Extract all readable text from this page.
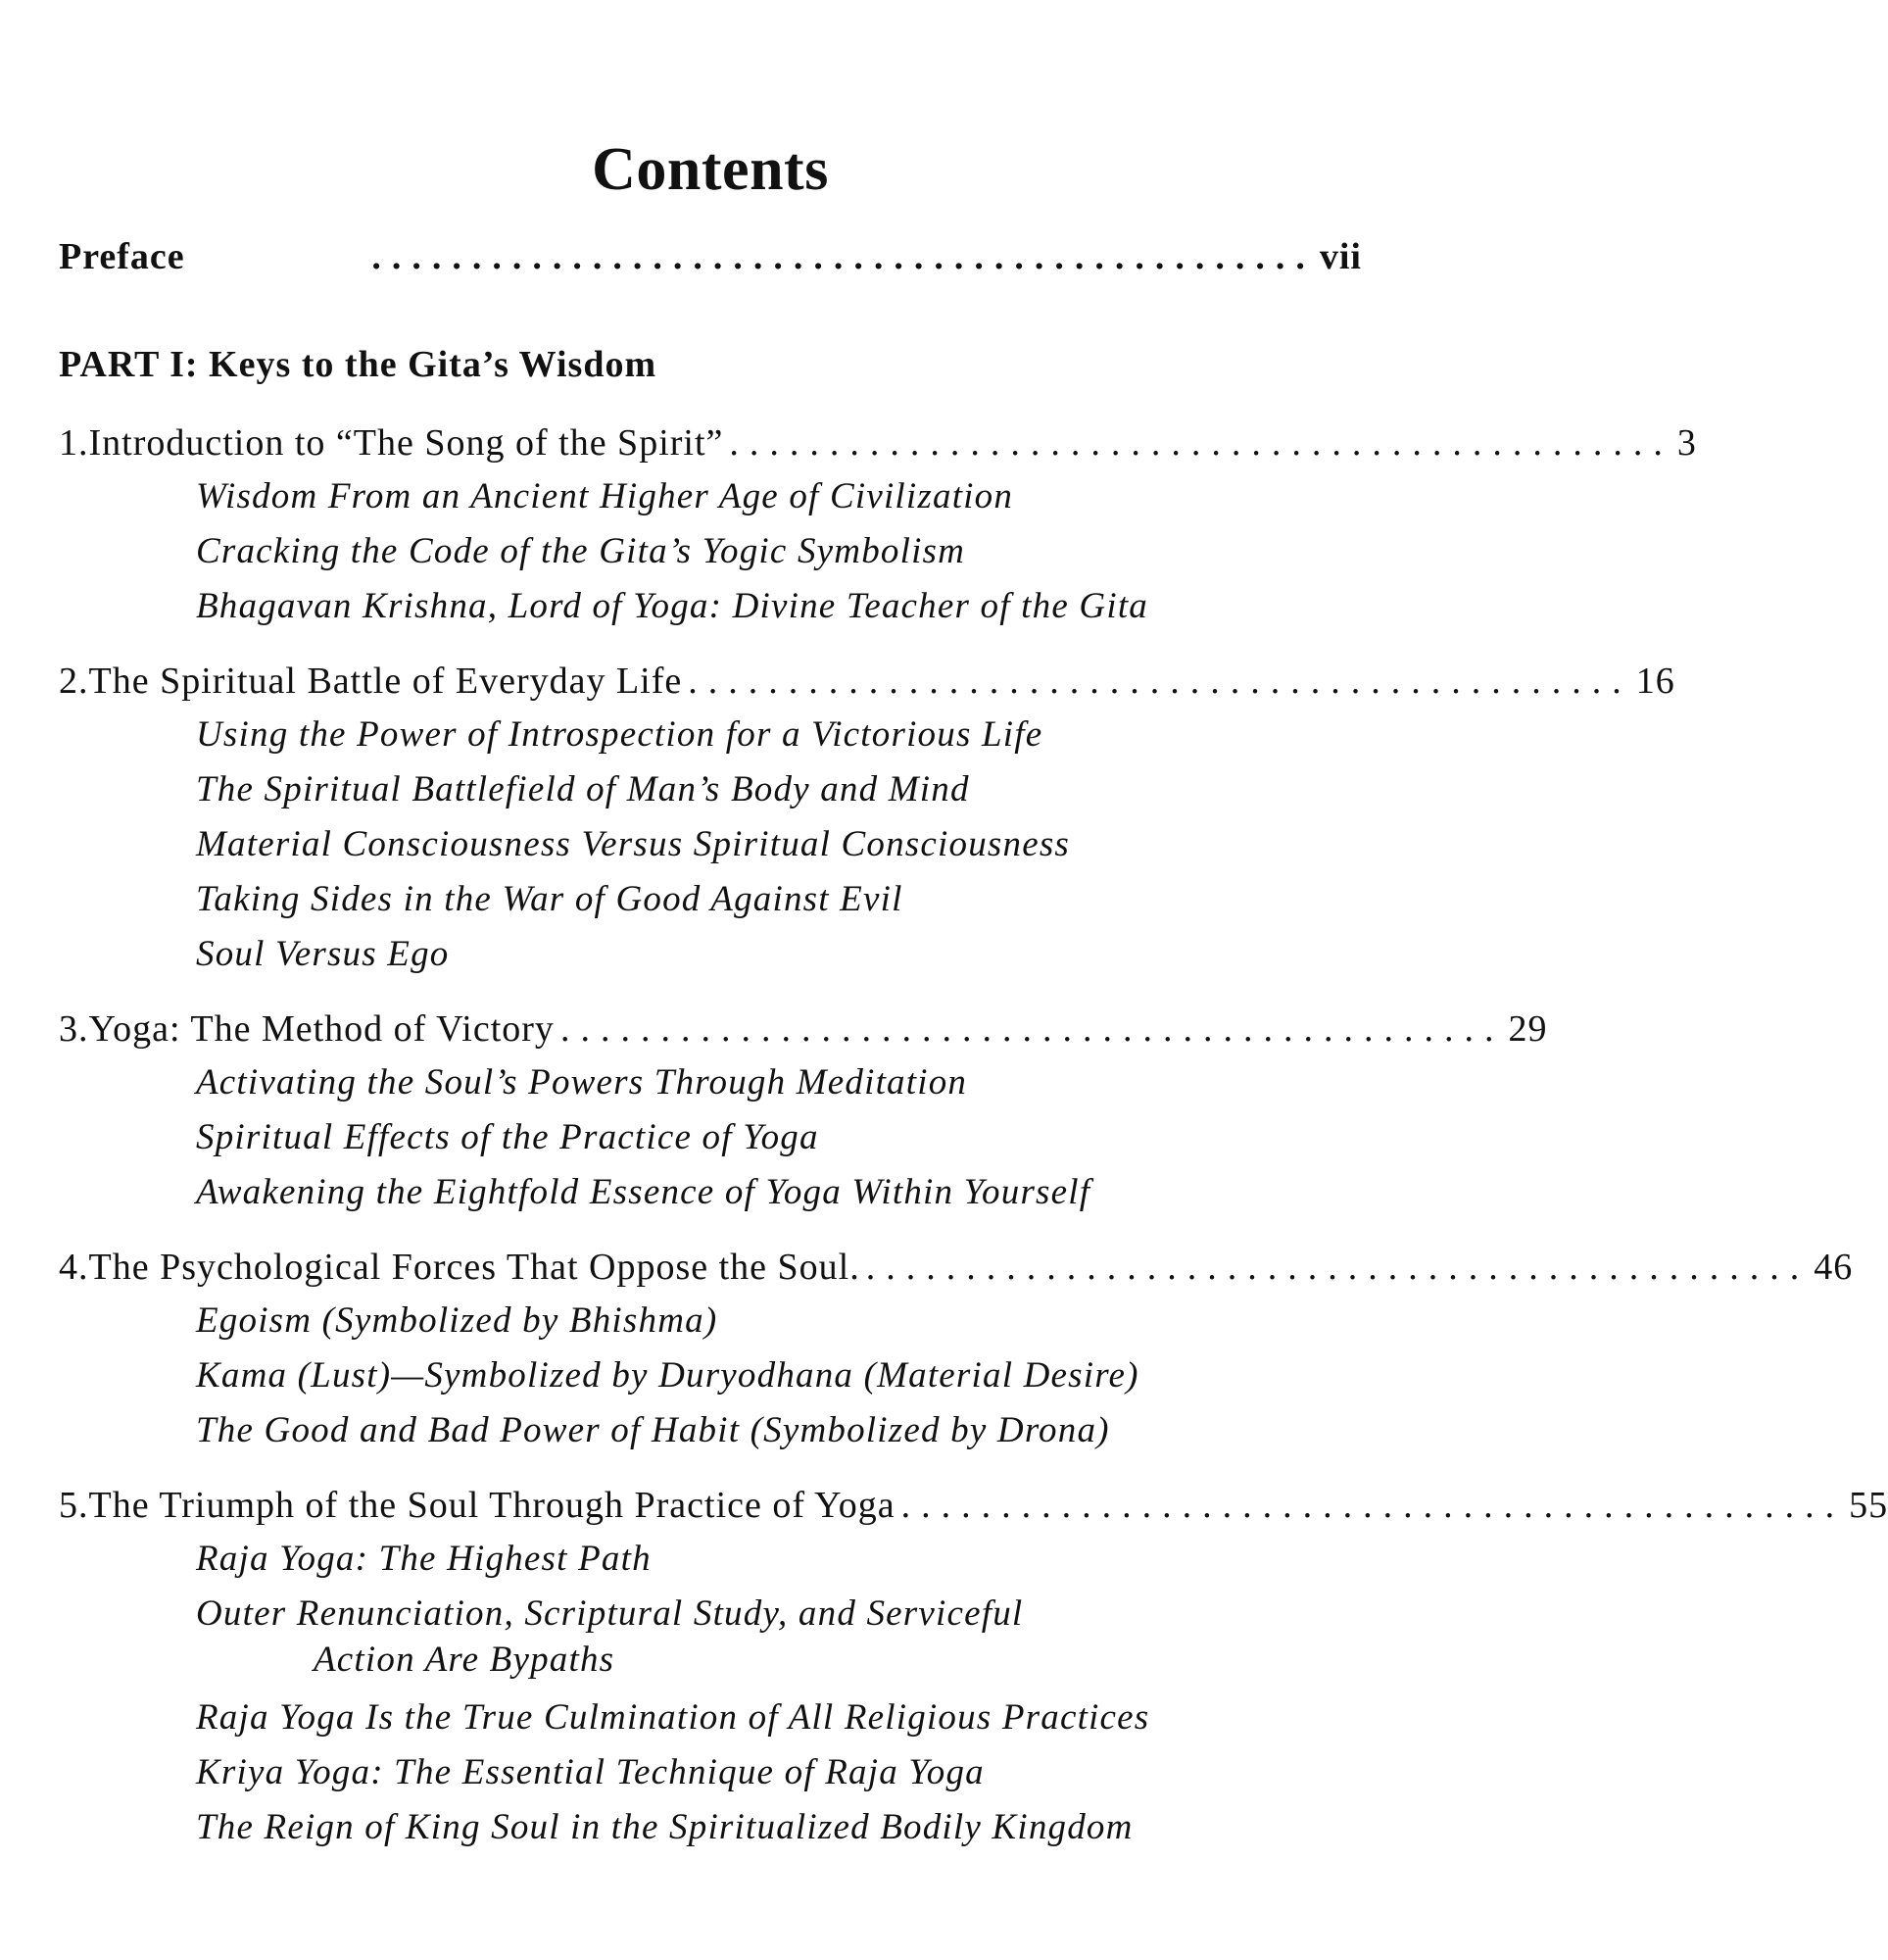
Contents
Preface	............................................... vii
PART I: Keys to the Gita’s Wisdom
1. Introduction to “The Song of the Spirit” ............................................... 3
Wisdom From an Ancient Higher Age of Civilization
Cracking the Code of the Gita’s Yogic Symbolism
Bhagavan Krishna, Lord of Yoga: Divine Teacher of the Gita
2. The Spiritual Battle of Everyday Life ............................................... 16
Using the Power of Introspection for a Victorious Life
The Spiritual Battlefield of Man’s Body and Mind
Material Consciousness Versus Spiritual Consciousness
Taking Sides in the War of Good Against Evil
Soul Versus Ego
3. Yoga: The Method of Victory ............................................... 29
Activating the Soul’s Powers Through Meditation
Spiritual Effects of the Practice of Yoga
Awakening the Eightfold Essence of Yoga Within Yourself
4. The Psychological Forces That Oppose the Soul. ............................................... 46
Egoism (Symbolized by Bhishma)
Kama (Lust)—Symbolized by Duryodhana (Material Desire)
The Good and Bad Power of Habit (Symbolized by Drona)
5. The Triumph of the Soul Through Practice of Yoga ............................................... 55
Raja Yoga: The Highest Path
Outer Renunciation, Scriptural Study, and Serviceful
Action Are Bypaths
Raja Yoga Is the True Culmination of All Religious Practices
Kriya Yoga: The Essential Technique of Raja Yoga
The Reign of King Soul in the Spiritualized Bodily Kingdom
